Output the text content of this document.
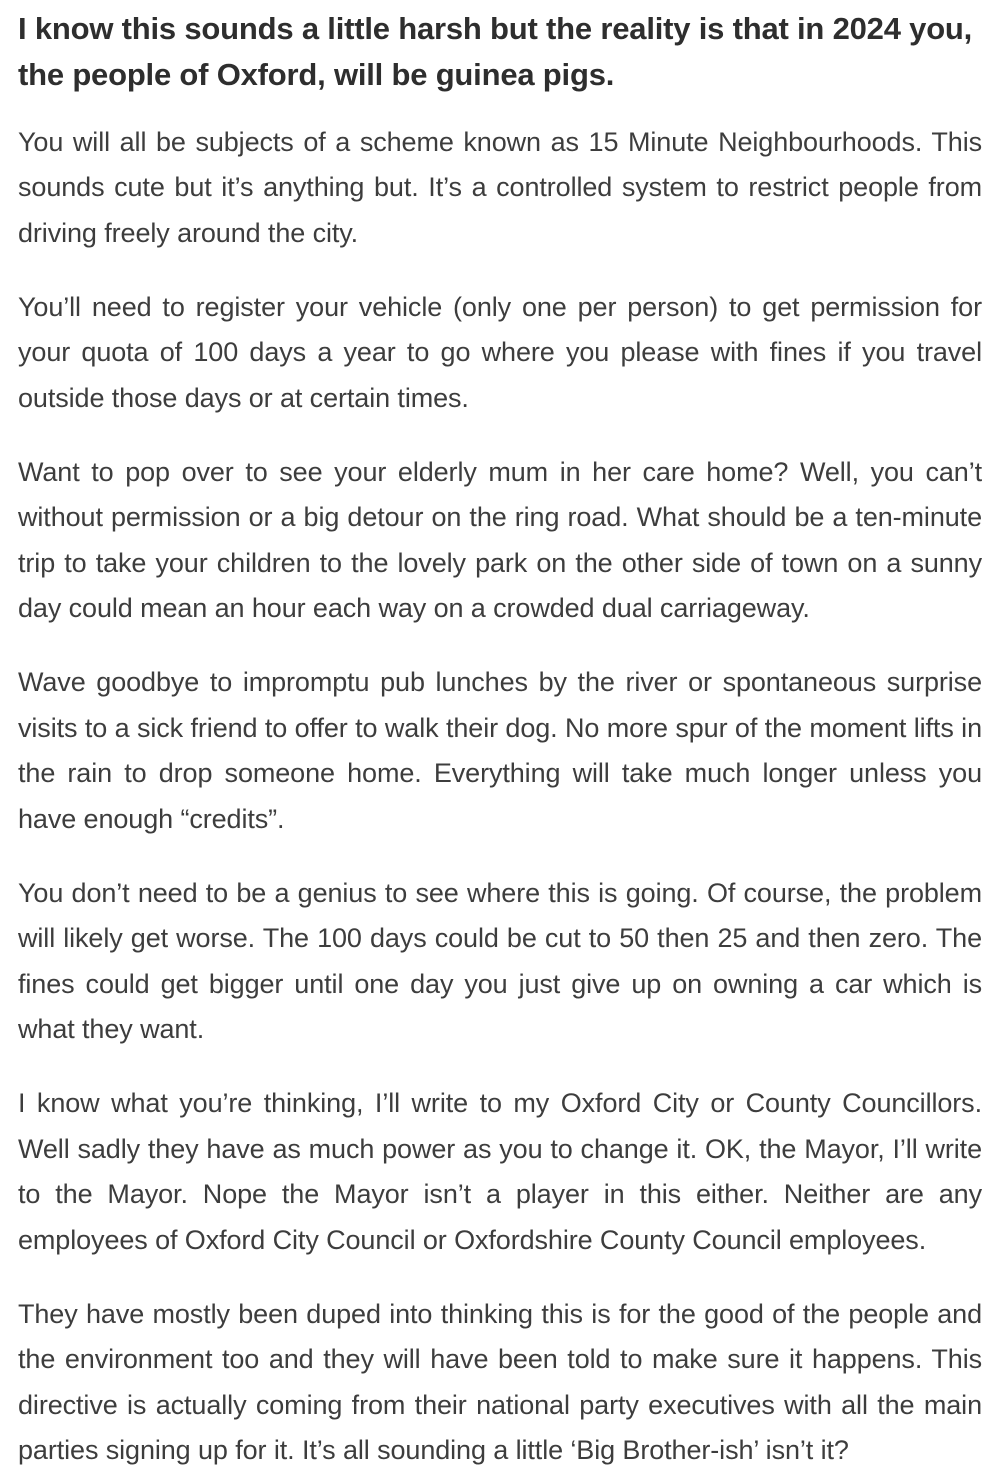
I know this sounds a little harsh but the reality is that in 2024 you, the people of Oxford, will be guinea pigs.

You will all be subjects of a scheme known as 15 Minute Neighbourhoods. This sounds cute but it’s anything but. It’s a controlled system to restrict people from driving freely around the city.

You’ll need to register your vehicle (only one per person) to get permission for your quota of 100 days a year to go where you please with fines if you travel outside those days or at certain times.

Want to pop over to see your elderly mum in her care home? Well, you can’t without permission or a big detour on the ring road. What should be a ten-minute trip to take your children to the lovely park on the other side of town on a sunny day could mean an hour each way on a crowded dual carriageway.

Wave goodbye to impromptu pub lunches by the river or spontaneous surprise visits to a sick friend to offer to walk their dog. No more spur of the moment lifts in the rain to drop someone home. Everything will take much longer unless you have enough “credits”.

You don’t need to be a genius to see where this is going. Of course, the problem will likely get worse. The 100 days could be cut to 50 then 25 and then zero. The fines could get bigger until one day you just give up on owning a car which is what they want.

I know what you’re thinking, I’ll write to my Oxford City or County Councillors. Well sadly they have as much power as you to change it. OK, the Mayor, I’ll write to the Mayor. Nope the Mayor isn’t a player in this either. Neither are any employees of Oxford City Council or Oxfordshire County Council employees.

They have mostly been duped into thinking this is for the good of the people and the environment too and they will have been told to make sure it happens. This directive is actually coming from their national party executives with all the main parties signing up for it. It’s all sounding a little ‘Big Brother-ish’ isn’t it?
